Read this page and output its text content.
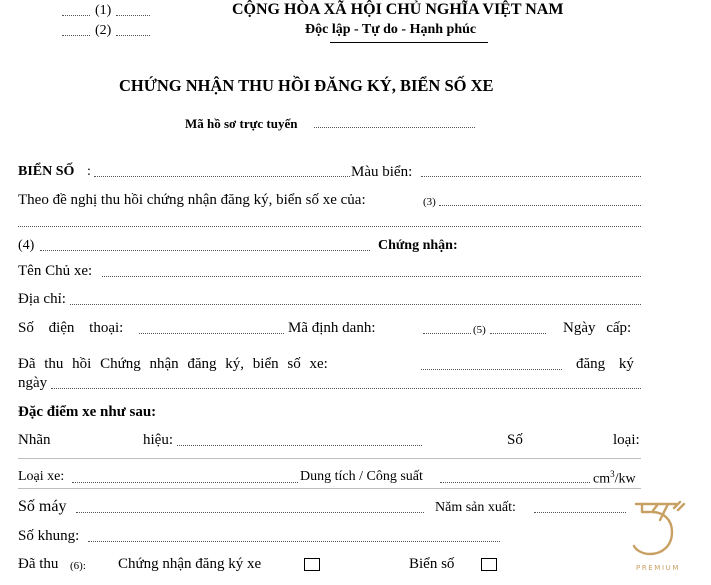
(1)
(2)
CỘNG HÒA XÃ HỘI CHỦ NGHĨA VIỆT NAM
Độc lập - Tự do - Hạnh phúc
CHỨNG NHẬN THU HỒI ĐĂNG KÝ, BIỂN SỐ XE
Mã hồ sơ trực tuyến
BIỂN SỐ :	Màu biển:
Theo đề nghị thu hồi chứng nhận đăng ký, biển số xe của:	(3)
(4)	Chứng nhận:
Tên Chủ xe:
Địa chỉ:
Số điện thoại:	Mã định danh:	(5)	Ngày cấp:
Đã thu hồi Chứng nhận đăng ký, biển số xe:	đăng ký
ngày
Đặc điểm xe như sau:
Nhãn	hiệu:	Số	loại:
Loại xe:	Dung tích / Công suất	$cm^3/kw$
Số máy	Năm sản xuất:
Số khung:
Đã thu (6): Chứng nhận đăng ký xe	Biển số	PREMIUM
